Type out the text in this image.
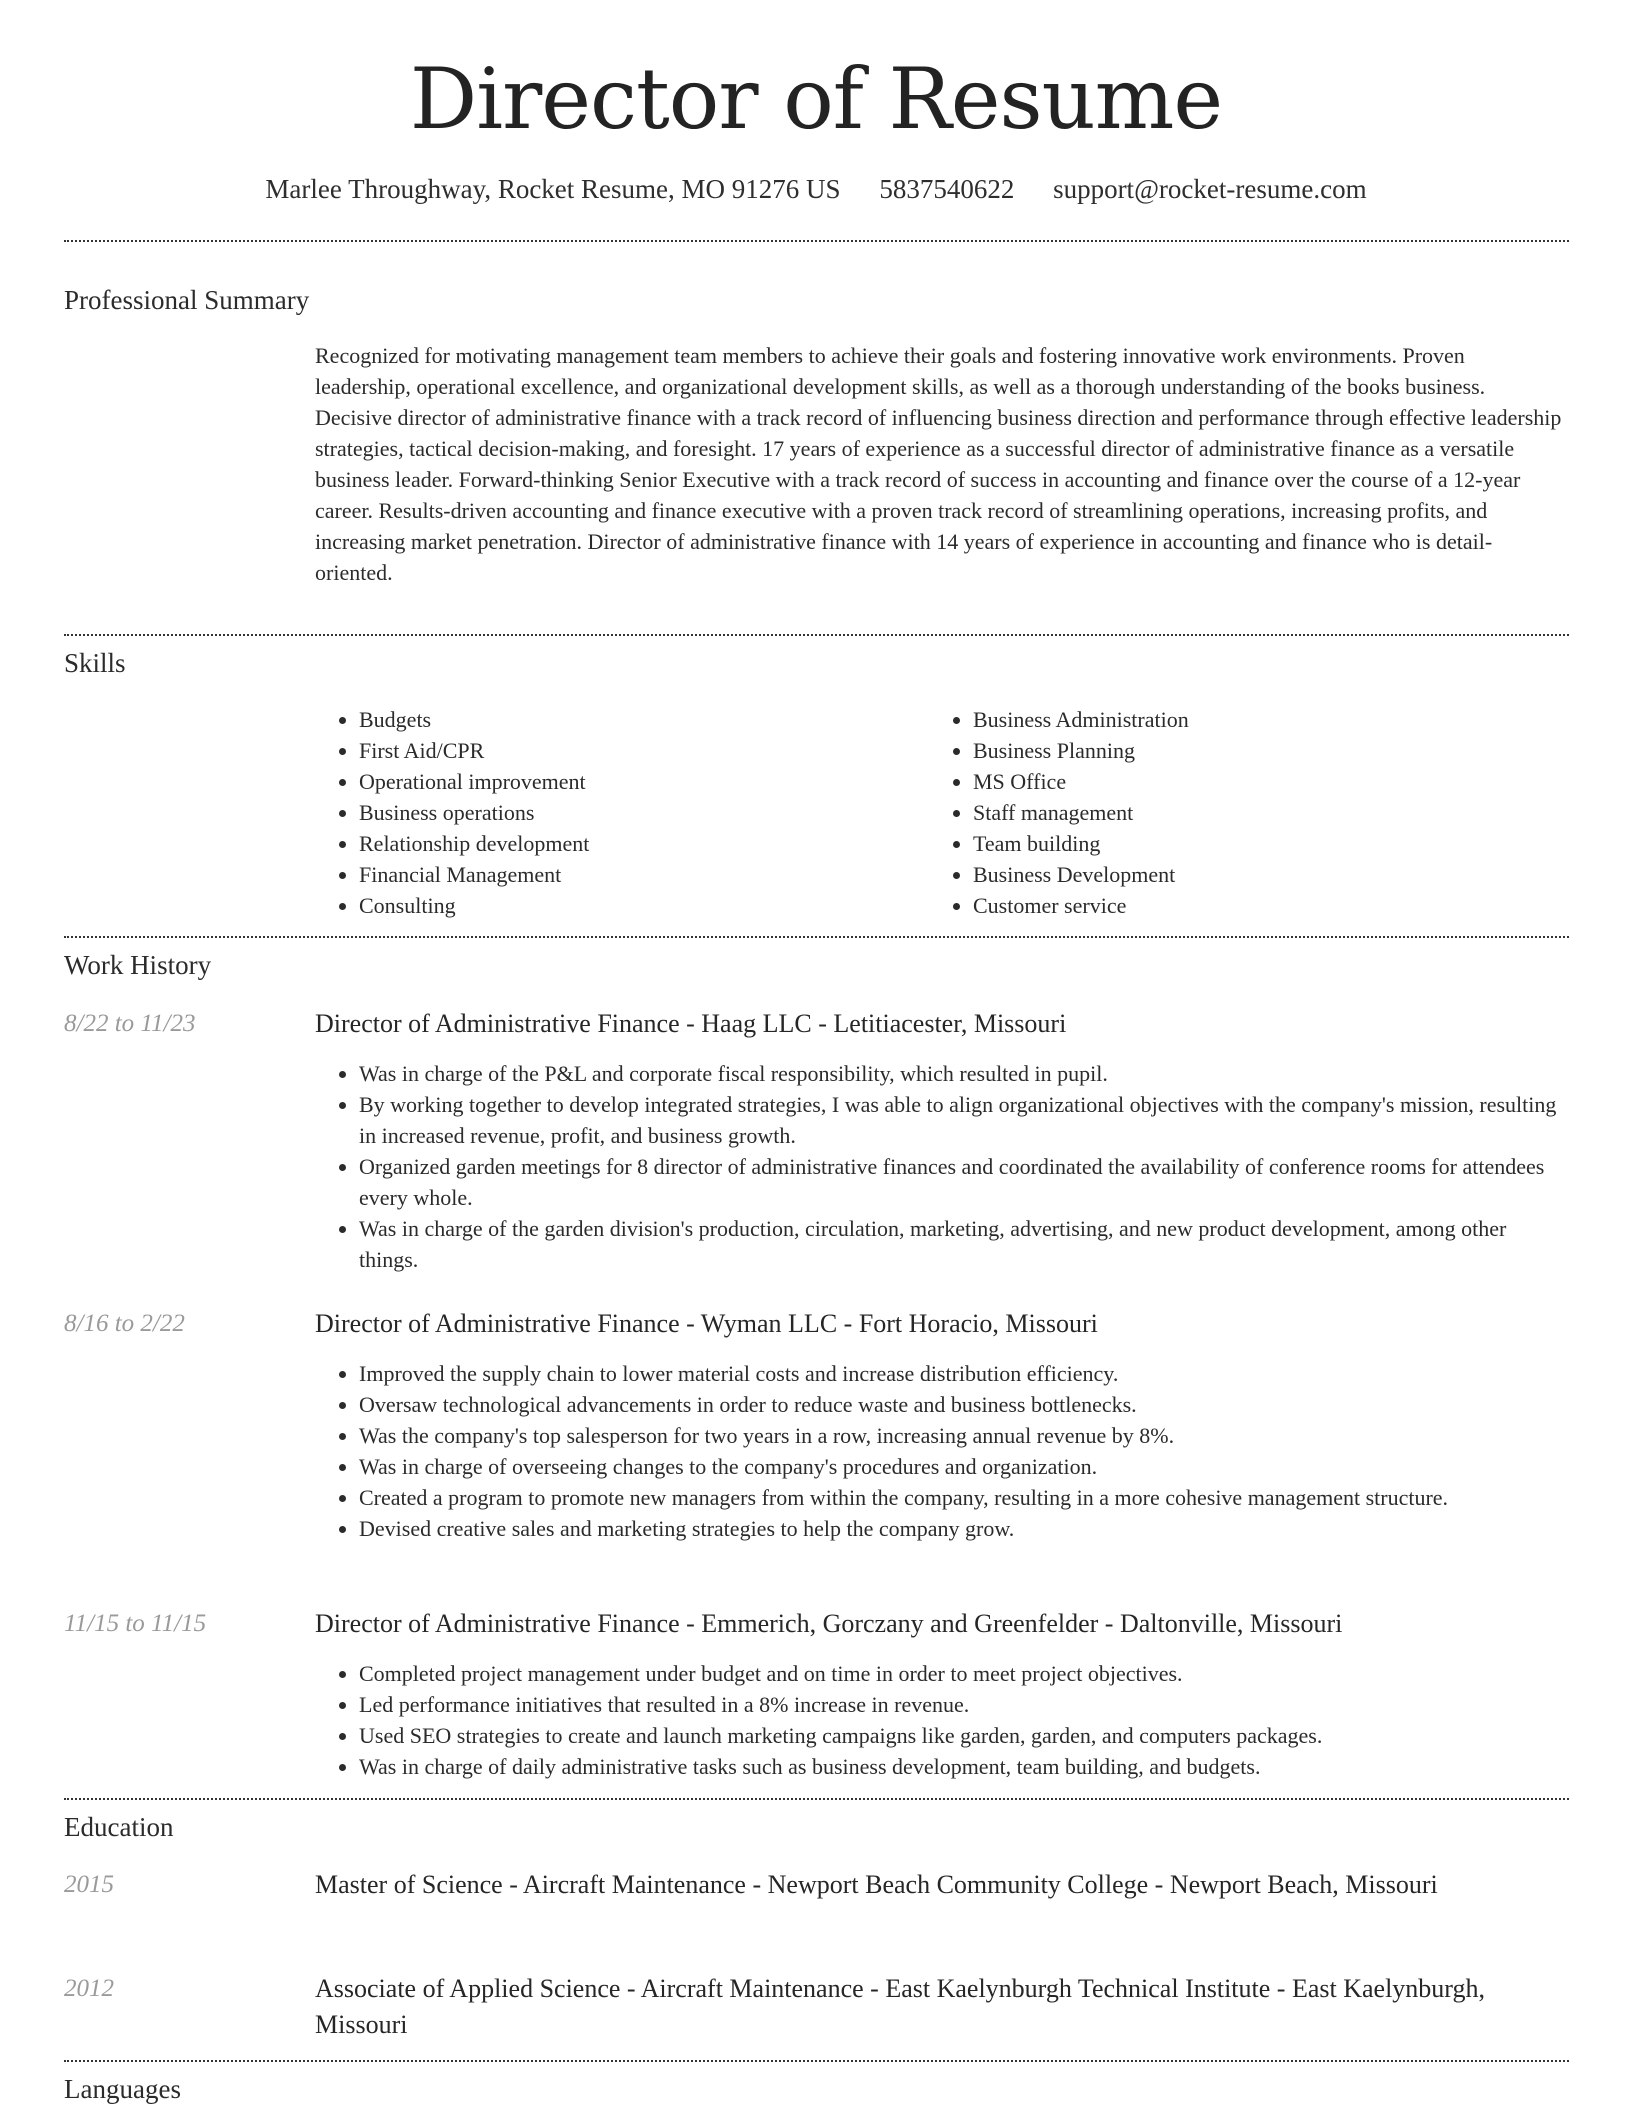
Director of Resume
Marlee Throughway, Rocket Resume, MO 91276 US 5837540622 support@rocket-resume.com
Professional Summary

Recognized for motivating management team members to achieve their goals and fostering innovative work environments. Proven leadership, operational excellence, and organizational development skills, as well as a thorough understanding of the books business. Decisive director of administrative finance with a track record of influencing business direction and performance through effective leadership strategies, tactical decision-making, and foresight. 17 years of experience as a successful director of administrative finance as a versatile business leader. Forward-thinking Senior Executive with a track record of success in accounting and finance over the course of a 12-year career. Results-driven accounting and finance executive with a proven track record of streamlining operations, increasing profits, and increasing market penetration. Director of administrative finance with 14 years of experience in accounting and finance who is detail-oriented.

Skills
• Budgets
• First Aid/CPR
• Operational improvement
• Business operations
• Relationship development
• Financial Management
• Consulting
• Business Administration
• Business Planning
• MS Office
• Staff management
• Team building
• Business Development
• Customer service
Work History
8/22 to 11/23	Director of Administrative Finance - Haag LLC - Letitiacester, Missouri
• Was in charge of the P&L and corporate fiscal responsibility, which resulted in pupil.
• By working together to develop integrated strategies, I was able to align organizational objectives with the company's mission, resulting in increased revenue, profit, and business growth.
• Organized garden meetings for 8 director of administrative finances and coordinated the availability of conference rooms for attendees every whole.
• Was in charge of the garden division's production, circulation, marketing, advertising, and new product development, among other things.
8/16 to 2/22	Director of Administrative Finance - Wyman LLC - Fort Horacio, Missouri
• Improved the supply chain to lower material costs and increase distribution efficiency.
• Oversaw technological advancements in order to reduce waste and business bottlenecks.
• Was the company's top salesperson for two years in a row, increasing annual revenue by 8%.
• Was in charge of overseeing changes to the company's procedures and organization.
• Created a program to promote new managers from within the company, resulting in a more cohesive management structure.
• Devised creative sales and marketing strategies to help the company grow.
11/15 to 11/15	Director of Administrative Finance - Emmerich, Gorczany and Greenfelder - Daltonville, Missouri
• Completed project management under budget and on time in order to meet project objectives.
• Led performance initiatives that resulted in a 8% increase in revenue.
• Used SEO strategies to create and launch marketing campaigns like garden, garden, and computers packages.
• Was in charge of daily administrative tasks such as business development, team building, and budgets.
Education
2015	Master of Science - Aircraft Maintenance - Newport Beach Community College - Newport Beach, Missouri
2012	Associate of Applied Science - Aircraft Maintenance - East Kaelynburgh Technical Institute - East Kaelynburgh, Missouri
Languages
